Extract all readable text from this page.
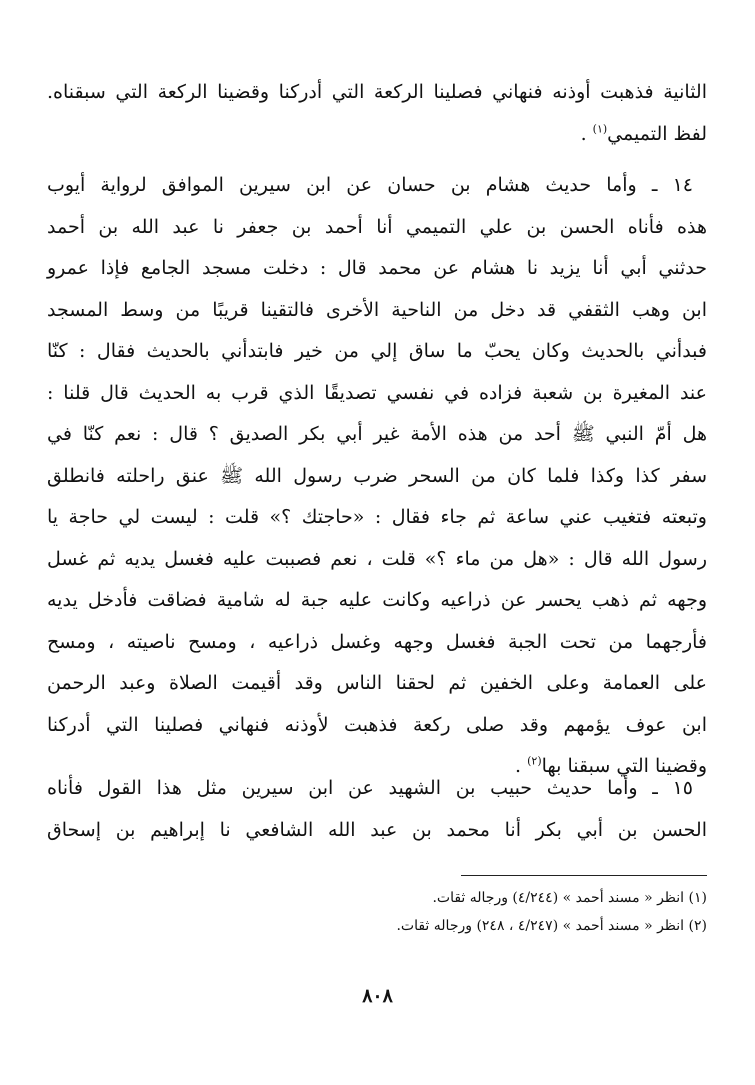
الثانية فذهبت أوذنه فنهاني فصلينا الركعة التي أدركنا وقضينا الركعة التي سبقناه.
لفظ التميمي$^{(١)}$ .
١٤ ـ وأما حديث هشام بن حسان عن ابن سيرين الموافق لرواية أيوب
هذه فأناه الحسن بن علي التميمي أنا أحمد بن جعفر نا عبد الله بن أحمد
حدثني أبي أنا يزيد نا هشام عن محمد قال : دخلت مسجد الجامع فإذا عمرو
ابن وهب الثقفي قد دخل من الناحية الأخرى فالتقينا قريبًا من وسط المسجد
فبدأني بالحديث وكان يحبّ ما ساق إلي من خير فابتدأني بالحديث فقال : كنّا
عند المغيرة بن شعبة فزاده في نفسي تصديقًا الذي قرب به الحديث قال قلنا :
هل أمّ النبي ﷺ أحد من هذه الأمة غير أبي بكر الصديق ؟ قال : نعم كنّا في
سفر كذا وكذا فلما كان من السحر ضرب رسول الله ﷺ عنق راحلته فانطلق
وتبعته فتغيب عني ساعة ثم جاء فقال : «حاجتك ؟» قلت : ليست لي حاجة يا
رسول الله قال : «هل من ماء ؟» قلت ، نعم فصببت عليه فغسل يديه ثم غسل
وجهه ثم ذهب يحسر عن ذراعيه وكانت عليه جبة له شامية فضاقت فأدخل يديه
فأرجهما من تحت الجبة فغسل وجهه وغسل ذراعيه ، ومسح ناصيته ، ومسح
على العمامة وعلى الخفين ثم لحقنا الناس وقد أقيمت الصلاة وعبد الرحمن
ابن عوف يؤمهم وقد صلى ركعة فذهبت لأوذنه فنهاني فصلينا التي أدركنا
وقضينا التي سبقنا بها$^{(٢)}$ .
١٥ ـ وأما حديث حبيب بن الشهيد عن ابن سيرين مثل هذا القول فأناه
الحسن بن أبي بكر أنا محمد بن عبد الله الشافعي نا إبراهيم بن إسحاق
(١) انظر « مسند أحمد » (٤/٢٤٤) ورجاله ثقات.
(٢) انظر « مسند أحمد » (٤/٢٤٧ ، ٢٤٨) ورجاله ثقات.
٨٠٨
